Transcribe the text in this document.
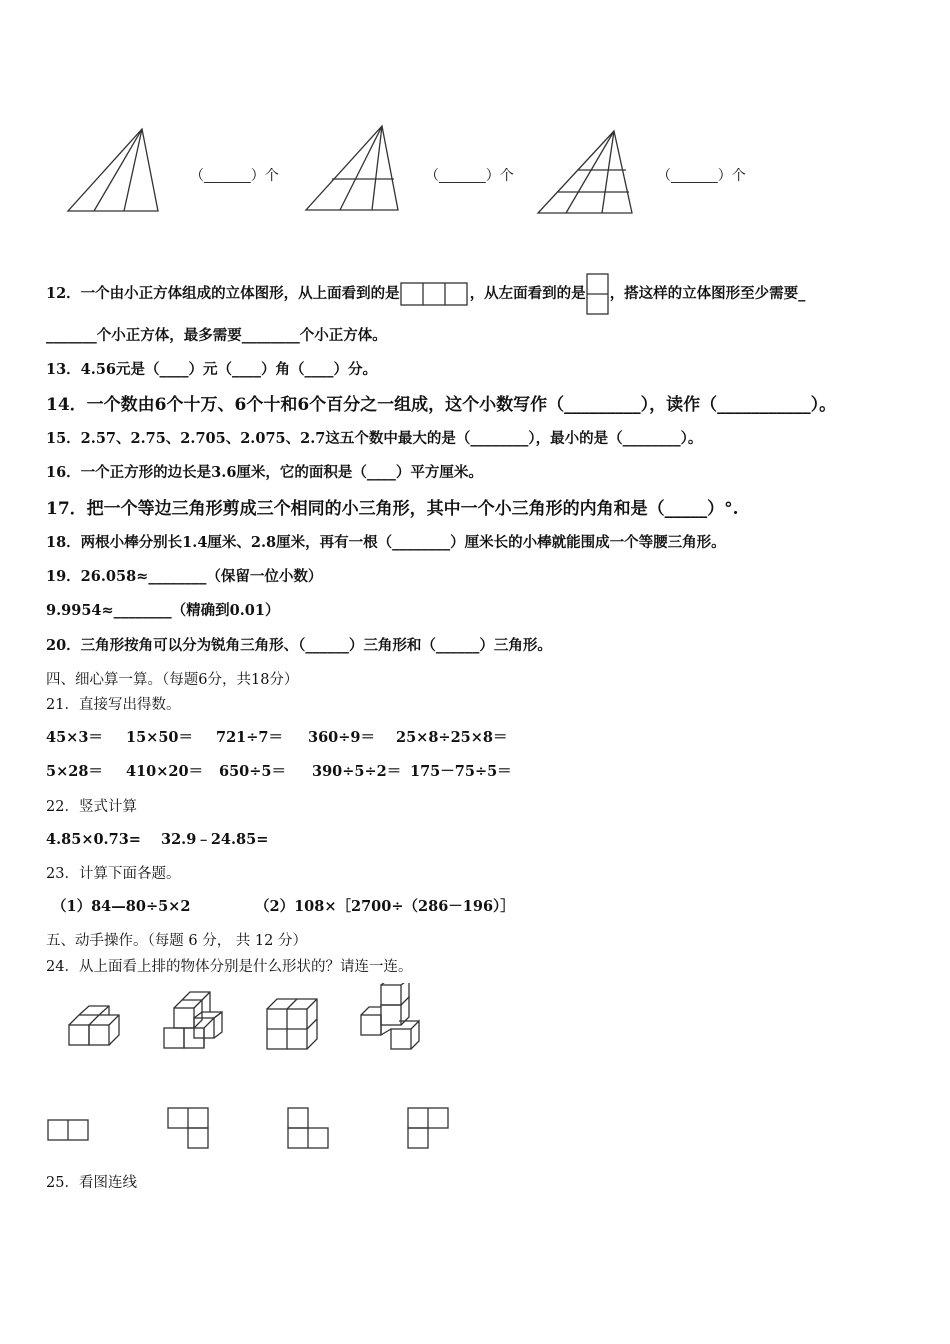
（______）个	（______）个	（______）个
12．一个由小正方体组成的立体图形，从上面看到的是	，从左面看到的是 ，搭这样的立体图形至少需要_
_______个小正方体，最多需要________个小正方体。
13．4.56元是（____）元（____）角（____）分。
14．一个数由6个十万、6个十和6个百分之一组成，这个小数写作（_________），读作（___________）。
15．2.57、2.75、2.705、2.075、2.7这五个数中最大的是（________），最小的是（________）。
16．一个正方形的边长是3.6厘米，它的面积是（____）平方厘米。
17．把一个等边三角形剪成三个相同的小三角形，其中一个小三角形的内角和是（_____）°.
18．两根小棒分别长1.4厘米、2.8厘米，再有一根（________）厘米长的小棒就能围成一个等腰三角形。
19．26.058≈________（保留一位小数）
9.9954≈________（精确到0.01）
20．三角形按角可以分为锐角三角形、（______）三角形和（______）三角形。
四、细心算一算。（每题6分，共18分）
21．直接写出得数。
45×3＝ 15×50＝ 721÷7＝ 360÷9＝ 25×8÷25×8＝
5×28＝ 410×20＝ 650÷5＝ 390÷5÷2＝ 175－75÷5＝
22．竖式计算
4.85×0.73= 32.9﹣24.85=
23．计算下面各题。
（1）84—80÷5×2	（2）108×［2700÷（286－196）］
五、动手操作。（每题 6 分， 共 12 分）
24．从上面看上排的物体分别是什么形状的？请连一连。
25．看图连线
